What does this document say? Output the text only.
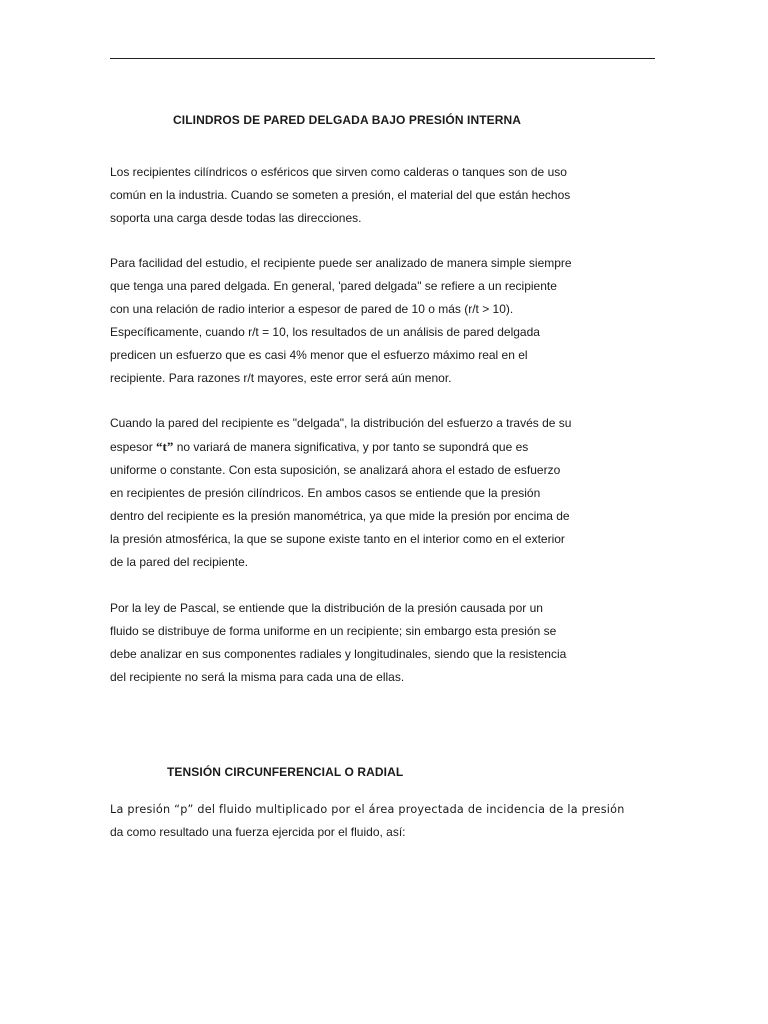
CILINDROS DE PARED DELGADA BAJO PRESIÓN INTERNA

Los recipientes cilíndricos o esféricos que sirven como calderas o tanques son de uso
común en la industria. Cuando se someten a presión, el material del que están hechos
soporta una carga desde todas las direcciones.

Para facilidad del estudio, el recipiente puede ser analizado de manera simple siempre
que tenga una pared delgada. En general, 'pared delgada" se refiere a un recipiente
con una relación de radio interior a espesor de pared de 10 o más (r/t > 10).
Específicamente, cuando r/t = 10, los resultados de un análisis de pared delgada
predicen un esfuerzo que es casi 4% menor que el esfuerzo máximo real en el
recipiente. Para razones r/t mayores, este error será aún menor.

Cuando la pared del recipiente es "delgada", la distribución del esfuerzo a través de su
espesor “t” no variará de manera significativa, y por tanto se supondrá que es
uniforme o constante. Con esta suposición, se analizará ahora el estado de esfuerzo
en recipientes de presión cilíndricos. En ambos casos se entiende que la presión
dentro del recipiente es la presión manométrica, ya que mide la presión por encima de
la presión atmosférica, la que se supone existe tanto en el interior como en el exterior
de la pared del recipiente.

Por la ley de Pascal, se entiende que la distribución de la presión causada por un
fluido se distribuye de forma uniforme en un recipiente; sin embargo esta presión se
debe analizar en sus componentes radiales y longitudinales, siendo que la resistencia
del recipiente no será la misma para cada una de ellas.

TENSIÓN CIRCUNFERENCIAL O RADIAL

La presión “p” del fluido multiplicado por el área proyectada de incidencia de la presión
da como resultado una fuerza ejercida por el fluido, así:
